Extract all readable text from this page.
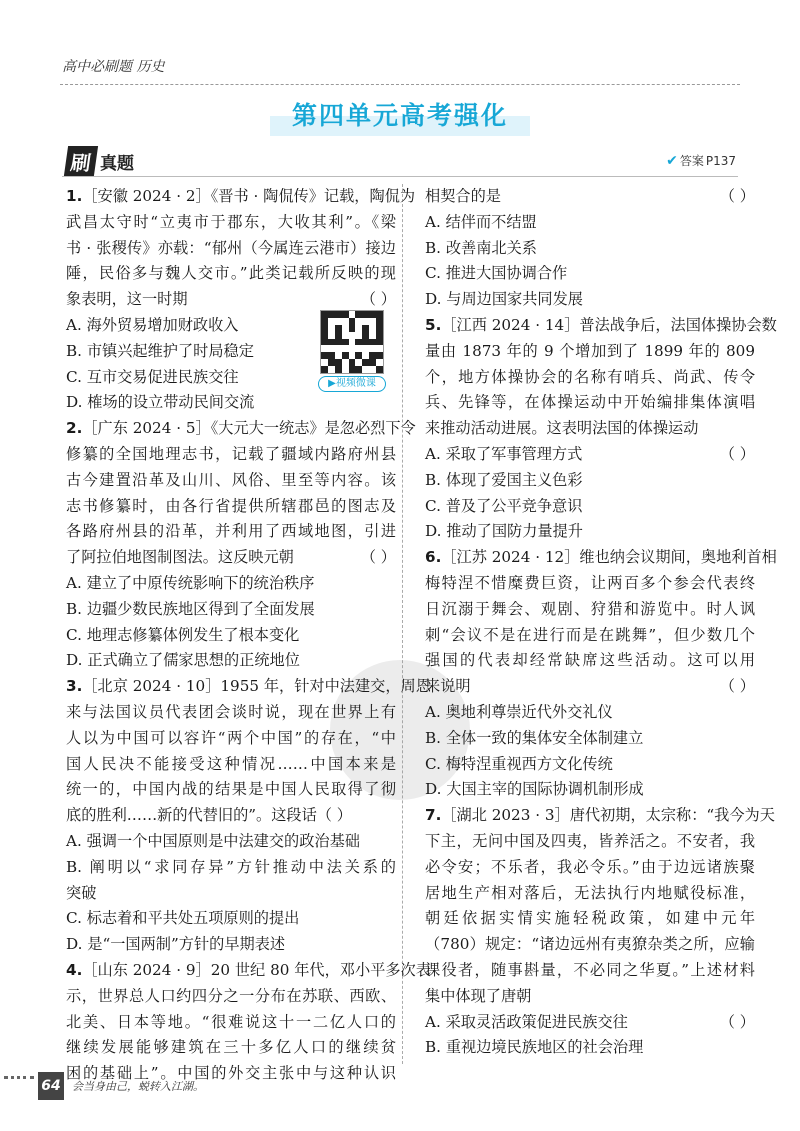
高中必刷题 历史
第四单元高考强化
刷 真题	✔ 答案 P137
1.［安徽 2024 · 2］《晋书 · 陶侃传》记载，陶侃为
武昌太守时“立夷市于郡东，大收其利”。《梁
书 · 张稷传》亦载：“郁州（今属连云港市）接边
陲，民俗多与魏人交市。”此类记载所反映的现
象表明，这一时期	（ ）
A. 海外贸易增加财政收入
B. 市镇兴起维护了时局稳定
C. 互市交易促进民族交往
D. 榷场的设立带动民间交流
2.［广东 2024 · 5］《大元大一统志》是忽必烈下令
修纂的全国地理志书，记载了疆域内路府州县
古今建置沿革及山川、风俗、里至等内容。该
志书修纂时，由各行省提供所辖郡邑的图志及
各路府州县的沿革，并利用了西域地图，引进
了阿拉伯地图制图法。这反映元朝	（ ）
A. 建立了中原传统影响下的统治秩序
B. 边疆少数民族地区得到了全面发展
C. 地理志修纂体例发生了根本变化
D. 正式确立了儒家思想的正统地位
3.［北京 2024 · 10］1955 年，针对中法建交，周恩
来与法国议员代表团会谈时说，现在世界上有
人以为中国可以容许“两个中国”的存在，“中
国人民决不能接受这种情况……中国本来是
统一的，中国内战的结果是中国人民取得了彻
底的胜利……新的代替旧的”。这段话（ ）
A. 强调一个中国原则是中法建交的政治基础
B. 阐明以“求同存异”方针推动中法关系的
突破
C. 标志着和平共处五项原则的提出
D. 是“一国两制”方针的早期表述
4.［山东 2024 · 9］20 世纪 80 年代，邓小平多次表
示，世界总人口约四分之一分布在苏联、西欧、
北美、日本等地。“很难说这十一二亿人口的
继续发展能够建筑在三十多亿人口的继续贫
困的基础上”。中国的外交主张中与这种认识
相契合的是	（ ）
A. 结伴而不结盟
B. 改善南北关系
C. 推进大国协调合作
D. 与周边国家共同发展
5.［江西 2024 · 14］普法战争后，法国体操协会数
量由 1873 年的 9 个增加到了 1899 年的 809
个，地方体操协会的名称有哨兵、尚武、传令
兵、先锋等，在体操运动中开始编排集体演唱
来推动活动进展。这表明法国的体操运动
（ ）
A. 采取了军事管理方式
B. 体现了爱国主义色彩
C. 普及了公平竞争意识
D. 推动了国防力量提升
6.［江苏 2024 · 12］维也纳会议期间，奥地利首相
梅特涅不惜糜费巨资，让两百多个参会代表终
日沉溺于舞会、观剧、狩猎和游览中。时人讽
刺“会议不是在进行而是在跳舞”，但少数几个
强国的代表却经常缺席这些活动。这可以用
来说明	（ ）
A. 奥地利尊崇近代外交礼仪
B. 全体一致的集体安全体制建立
C. 梅特涅重视西方文化传统
D. 大国主宰的国际协调机制形成
7.［湖北 2023 · 3］唐代初期，太宗称：“我今为天
下主，无问中国及四夷，皆养活之。不安者，我
必令安；不乐者，我必令乐。”由于边远诸族聚
居地生产相对落后，无法执行内地赋役标准，
朝廷依据实情实施轻税政策，如建中元年
（780）规定：“诸边远州有夷獠杂类之所，应输
课役者，随事斟量，不必同之华夏。”上述材料
集中体现了唐朝
（ ）
A. 采取灵活政策促进民族交往
B. 重视边境民族地区的社会治理
▶视频微课
64 会当身由己，蜕转入江湖。
